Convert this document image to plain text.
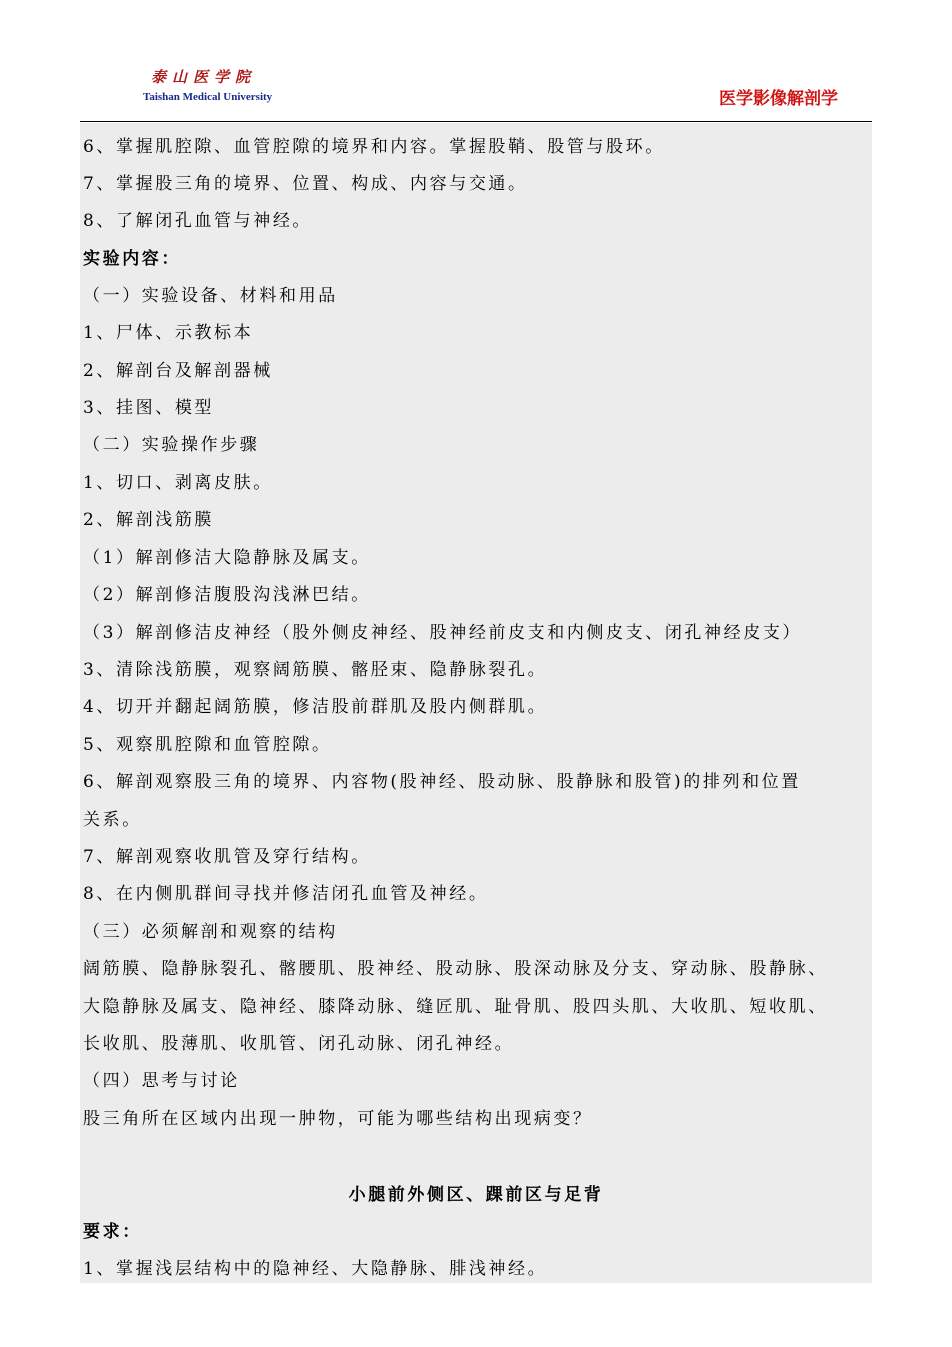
泰山医学院
Taishan Medical University	医学影像解剖学
6、掌握肌腔隙、血管腔隙的境界和内容。掌握股鞘、股管与股环。
7、掌握股三角的境界、位置、构成、内容与交通。
8、了解闭孔血管与神经。
实验内容：
（一）实验设备、材料和用品
1、尸体、示教标本
2、解剖台及解剖器械
3、挂图、模型
（二）实验操作步骤
1、切口、剥离皮肤。
2、解剖浅筋膜
（1）解剖修洁大隐静脉及属支。
（2）解剖修洁腹股沟浅淋巴结。
（3）解剖修洁皮神经（股外侧皮神经、股神经前皮支和内侧皮支、闭孔神经皮支）
3、清除浅筋膜，观察阔筋膜、髂胫束、隐静脉裂孔。
4、切开并翻起阔筋膜，修洁股前群肌及股内侧群肌。
5、观察肌腔隙和血管腔隙。
6、解剖观察股三角的境界、内容物(股神经、股动脉、股静脉和股管)的排列和位置
关系。
7、解剖观察收肌管及穿行结构。
8、在内侧肌群间寻找并修洁闭孔血管及神经。
（三）必须解剖和观察的结构
阔筋膜、隐静脉裂孔、髂腰肌、股神经、股动脉、股深动脉及分支、穿动脉、股静脉、
大隐静脉及属支、隐神经、膝降动脉、缝匠肌、耻骨肌、股四头肌、大收肌、短收肌、
长收肌、股薄肌、收肌管、闭孔动脉、闭孔神经。
（四）思考与讨论
股三角所在区域内出现一肿物，可能为哪些结构出现病变？
小腿前外侧区、踝前区与足背
要求：
1、掌握浅层结构中的隐神经、大隐静脉、腓浅神经。
